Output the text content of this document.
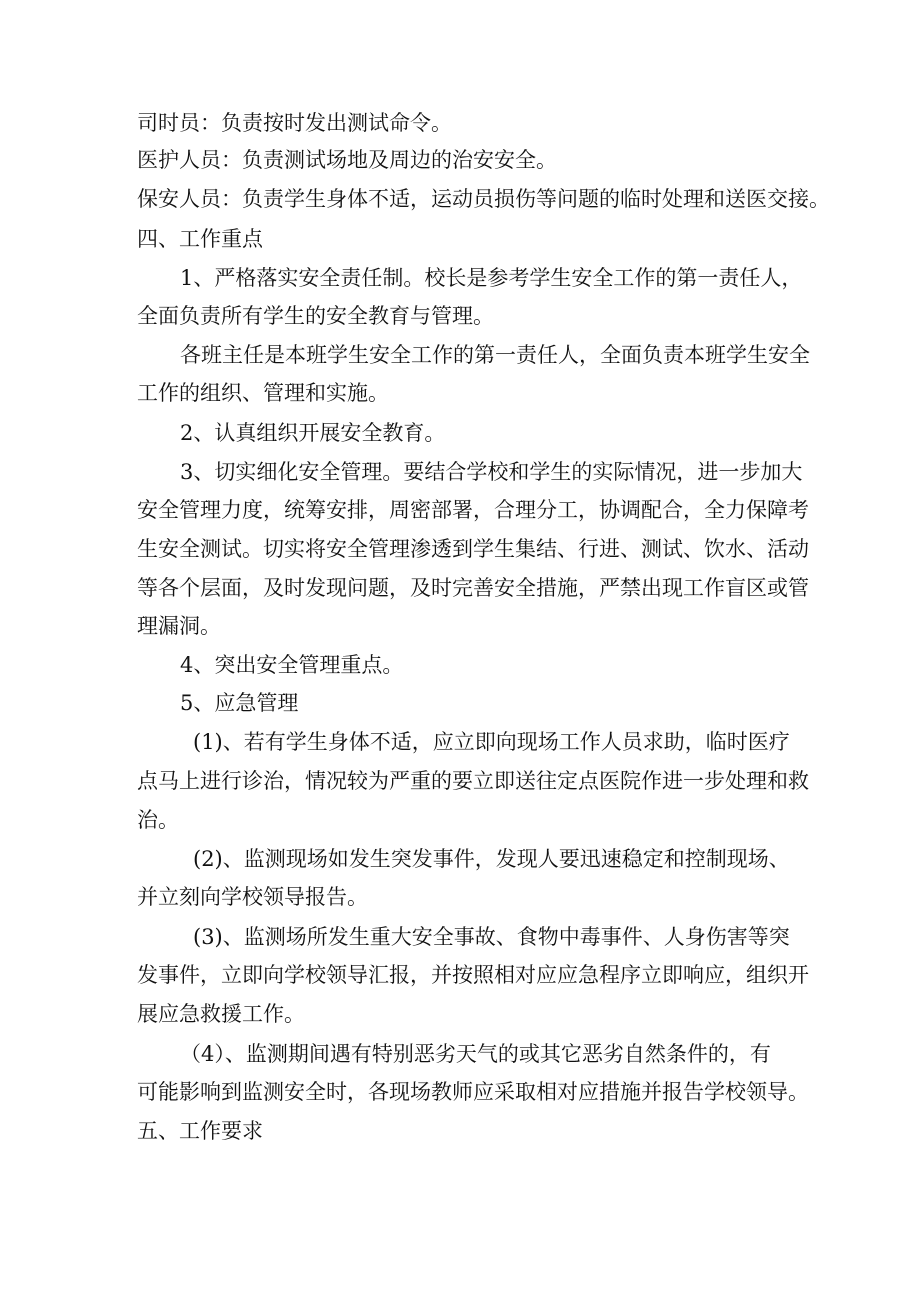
司时员：负责按时发出测试命令。
医护人员：负责测试场地及周边的治安安全。
保安人员：负责学生身体不适，运动员损伤等问题的临时处理和送医交接。
四、工作重点
1、严格落实安全责任制。校长是参考学生安全工作的第一责任人，
全面负责所有学生的安全教育与管理。
各班主任是本班学生安全工作的第一责任人，全面负责本班学生安全
工作的组织、管理和实施。
2、认真组织开展安全教育。
3、切实细化安全管理。要结合学校和学生的实际情况，进一步加大
安全管理力度，统筹安排，周密部署，合理分工，协调配合，全力保障考
生安全测试。切实将安全管理渗透到学生集结、行进、测试、饮水、活动
等各个层面，及时发现问题，及时完善安全措施，严禁出现工作盲区或管
理漏洞。
4、突出安全管理重点。
5、应急管理
(1)、若有学生身体不适，应立即向现场工作人员求助，临时医疗
点马上进行诊治，情况较为严重的要立即送往定点医院作进一步处理和救
治。
(2)、监测现场如发生突发事件，发现人要迅速稳定和控制现场、
并立刻向学校领导报告。
(3)、监测场所发生重大安全事故、食物中毒事件、人身伤害等突
发事件，立即向学校领导汇报，并按照相对应应急程序立即响应，组织开
展应急救援工作。
（4）、监测期间遇有特别恶劣天气的或其它恶劣自然条件的，有
可能影响到监测安全时，各现场教师应采取相对应措施并报告学校领导。
五、工作要求
